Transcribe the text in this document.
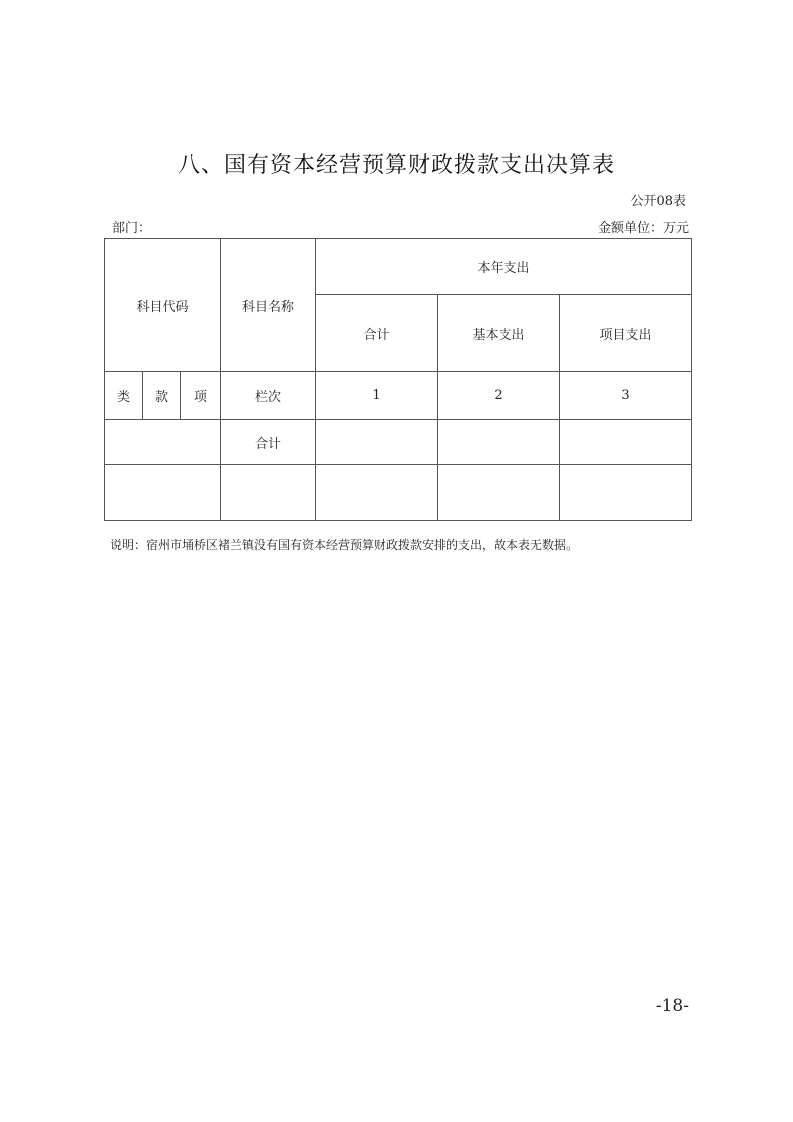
八、国有资本经营预算财政拨款支出决算表
公开08表
部门：	金额单位：万元
科目代码			科目名称	本年支出		
				合计	基本支出	项目支出
类	款	项	栏次	1	2	3
			合计			

说明：宿州市埇桥区褚兰镇没有国有资本经营预算财政拨款安排的支出，故本表无数据。
-18-
